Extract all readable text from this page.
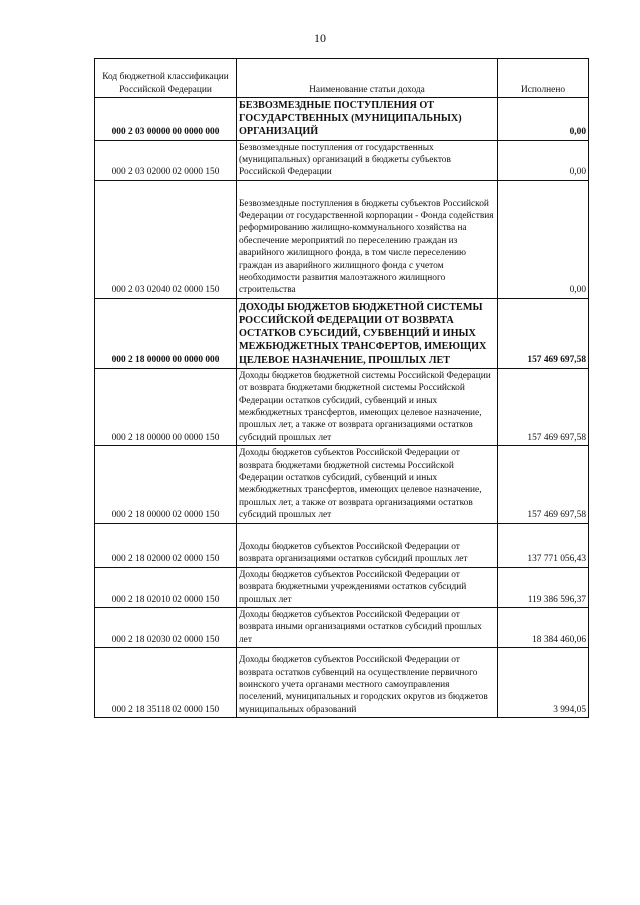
10
Код бюджетной классификации Российской Федерации	Наименование статьи дохода	Исполнено
000 2 03 00000 00 0000 000	БЕЗВОЗМЕЗДНЫЕ ПОСТУПЛЕНИЯ ОТ ГОСУДАРСТВЕННЫХ (МУНИЦИПАЛЬНЫХ) ОРГАНИЗАЦИЙ	0,00
000 2 03 02000 02 0000 150	Безвозмездные поступления от государственных (муниципальных) организаций в бюджеты субъектов Российской Федерации	0,00
000 2 03 02040 02 0000 150	Безвозмездные поступления в бюджеты субъектов Российской Федерации от государственной корпорации - Фонда содействия реформированию жилищно-коммунального хозяйства на обеспечение мероприятий по переселению граждан из аварийного жилищного фонда, в том числе переселению граждан из аварийного жилищного фонда с учетом необходимости развития малоэтажного жилищного строительства	0,00
000 2 18 00000 00 0000 000	ДОХОДЫ БЮДЖЕТОВ БЮДЖЕТНОЙ СИСТЕМЫ РОССИЙСКОЙ ФЕДЕРАЦИИ ОТ ВОЗВРАТА ОСТАТКОВ СУБСИДИЙ, СУБВЕНЦИЙ И ИНЫХ МЕЖБЮДЖЕТНЫХ ТРАНСФЕРТОВ, ИМЕЮЩИХ ЦЕЛЕВОЕ НАЗНАЧЕНИЕ, ПРОШЛЫХ ЛЕТ	157 469 697,58
000 2 18 00000 00 0000 150	Доходы бюджетов бюджетной системы Российской Федерации от возврата бюджетами бюджетной системы Российской Федерации остатков субсидий, субвенций и иных межбюджетных трансфертов, имеющих целевое назначение, прошлых лет, а также от возврата организациями остатков субсидий прошлых лет	157 469 697,58
000 2 18 00000 02 0000 150	Доходы бюджетов субъектов Российской Федерации от возврата бюджетами бюджетной системы Российской Федерации остатков субсидий, субвенций и иных межбюджетных трансфертов, имеющих целевое назначение, прошлых лет, а также от возврата организациями остатков субсидий прошлых лет	157 469 697,58
000 2 18 02000 02 0000 150	Доходы бюджетов субъектов Российской Федерации от возврата организациями остатков субсидий прошлых лет	137 771 056,43
000 2 18 02010 02 0000 150	Доходы бюджетов субъектов Российской Федерации от возврата бюджетными учреждениями остатков субсидий прошлых лет	119 386 596,37
000 2 18 02030 02 0000 150	Доходы бюджетов субъектов Российской Федерации от возврата иными организациями остатков субсидий прошлых лет	18 384 460,06
000 2 18 35118 02 0000 150	Доходы бюджетов субъектов Российской Федерации от возврата остатков субвенций на осуществление первичного воинского учета органами местного самоуправления поселений, муниципальных и городских округов из бюджетов муниципальных образований	3 994,05
